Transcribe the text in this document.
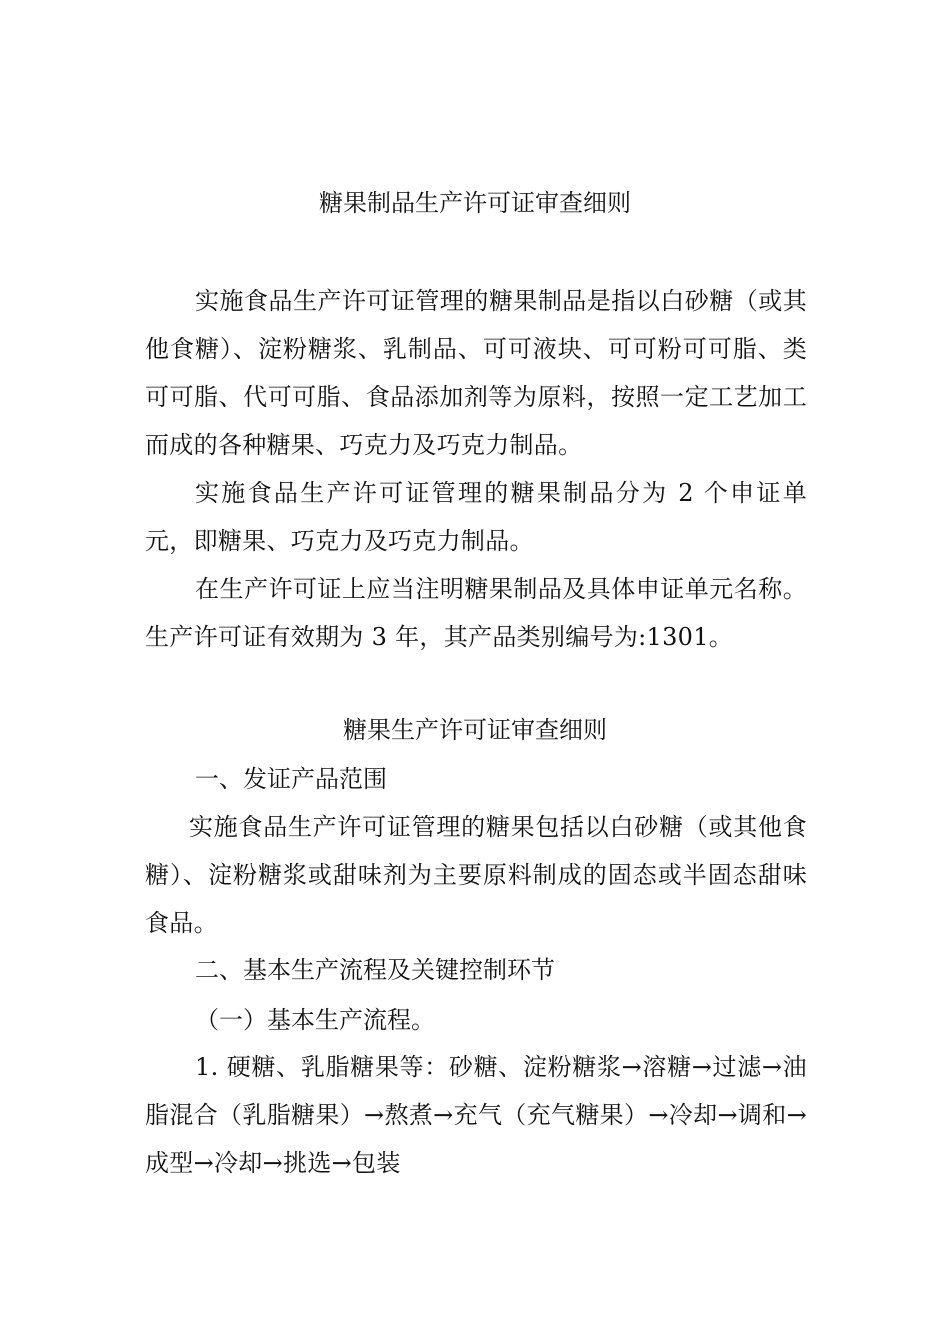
糖果制品生产许可证审查细则
实施食品生产许可证管理的糖果制品是指以白砂糖（或其他食糖）、淀粉糖浆、乳制品、可可液块、可可粉可可脂、类可可脂、代可可脂、食品添加剂等为原料，按照一定工艺加工而成的各种糖果、巧克力及巧克力制品。
实施食品生产许可证管理的糖果制品分为 2 个申证单元，即糖果、巧克力及巧克力制品。
在生产许可证上应当注明糖果制品及具体申证单元名称。生产许可证有效期为 3 年，其产品类别编号为:1301。
糖果生产许可证审查细则
一、发证产品范围
实施食品生产许可证管理的糖果包括以白砂糖（或其他食糖）、淀粉糖浆或甜味剂为主要原料制成的固态或半固态甜味食品。
二、基本生产流程及关键控制环节
（一）基本生产流程。
1. 硬糖、乳脂糖果等：砂糖、淀粉糖浆→溶糖→过滤→油脂混合（乳脂糖果）→熬煮→充气（充气糖果）→冷却→调和→成型→冷却→挑选→包装
